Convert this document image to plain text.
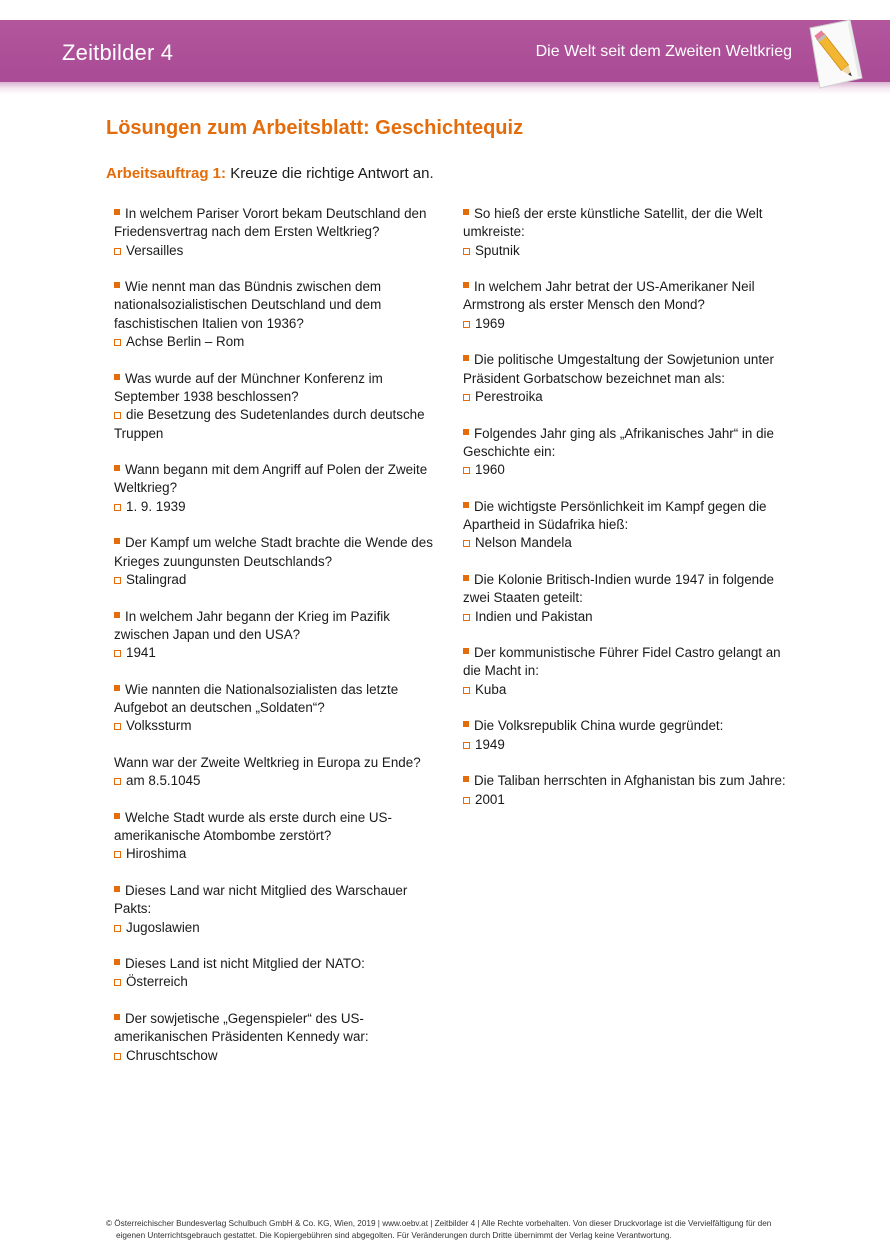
Zeitbilder 4	Die Welt seit dem Zweiten Weltkrieg
Lösungen zum Arbeitsblatt: Geschichtequiz
Arbeitsauftrag 1: Kreuze die richtige Antwort an.
In welchem Pariser Vorort bekam Deutschland den Friedensvertrag nach dem Ersten Weltkrieg?
Versailles
Wie nennt man das Bündnis zwischen dem nationalsozialistischen Deutschland und dem faschistischen Italien von 1936?
Achse Berlin – Rom
Was wurde auf der Münchner Konferenz im September 1938 beschlossen?
die Besetzung des Sudetenlandes durch deutsche Truppen
Wann begann mit dem Angriff auf Polen der Zweite Weltkrieg?
1. 9. 1939
Der Kampf um welche Stadt brachte die Wende des Krieges zuungunsten Deutschlands?
Stalingrad
In welchem Jahr begann der Krieg im Pazifik zwischen Japan und den USA?
1941
Wie nannten die Nationalsozialisten das letzte Aufgebot an deutschen „Soldaten“?
Volkssturm
Wann war der Zweite Weltkrieg in Europa zu Ende?
am 8.5.1045
Welche Stadt wurde als erste durch eine US-amerikanische Atombombe zerstört?
Hiroshima
Dieses Land war nicht Mitglied des Warschauer Pakts:
Jugoslawien
Dieses Land ist nicht Mitglied der NATO:
Österreich
Der sowjetische „Gegenspieler“ des US-amerikanischen Präsidenten Kennedy war:
Chruschtschow
So hieß der erste künstliche Satellit, der die Welt umkreiste:
Sputnik
In welchem Jahr betrat der US-Amerikaner Neil Armstrong als erster Mensch den Mond?
1969
Die politische Umgestaltung der Sowjetunion unter Präsident Gorbatschow bezeichnet man als:
Perestroika
Folgendes Jahr ging als „Afrikanisches Jahr“ in die Geschichte ein:
1960
Die wichtigste Persönlichkeit im Kampf gegen die Apartheid in Südafrika hieß:
Nelson Mandela
Die Kolonie Britisch-Indien wurde 1947 in folgende zwei Staaten geteilt:
Indien und Pakistan
Der kommunistische Führer Fidel Castro gelangt an die Macht in:
Kuba
Die Volksrepublik China wurde gegründet:
1949
Die Taliban herrschten in Afghanistan bis zum Jahre:
2001
© Österreichischer Bundesverlag Schulbuch GmbH & Co. KG, Wien, 2019 | www.oebv.at | Zeitbilder 4 | Alle Rechte vorbehalten. Von dieser Druckvorlage ist die Vervielfältigung für den
eigenen Unterrichtsgebrauch gestattet. Die Kopiergebühren sind abgegolten. Für Veränderungen durch Dritte übernimmt der Verlag keine Verantwortung.
